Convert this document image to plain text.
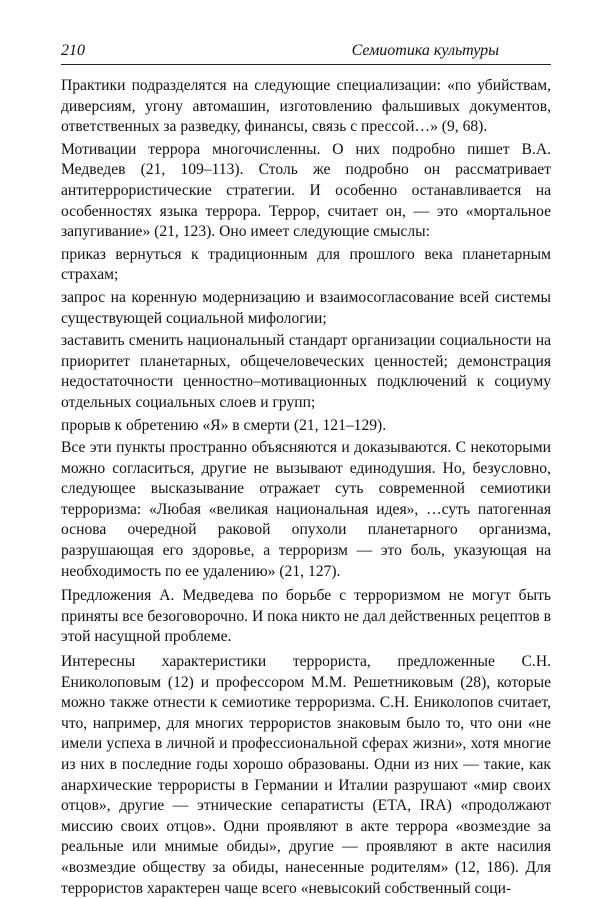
210	Семиотика культуры

Практики подразделятся на следующие специализации: «по убийствам, диверсиям, угону автомашин, изготовлению фальшивых документов, ответственных за разведку, финансы, связь с прессой…» (9, 68).

Мотивации террора многочисленны. О них подробно пишет В.А. Медведев (21, 109–113). Столь же подробно он рассматривает антитеррористические стратегии. И особенно останавливается на особенностях языка террора. Террор, считает он, — это «мортальное запугивание» (21, 123). Оно имеет следующие смыслы:

приказ вернуться к традиционным для прошлого века планетарным страхам;

запрос на коренную модернизацию и взаимосогласование всей системы существующей социальной мифологии;

заставить сменить национальный стандарт организации социальности на приоритет планетарных, общечеловеческих ценностей; демонстрация недостаточности ценностно–мотивационных подключений к социуму отдельных социальных слоев и групп;

прорыв к обретению «Я» в смерти (21, 121–129).

Все эти пункты пространно объясняются и доказываются. С некоторыми можно согласиться, другие не вызывают единодушия. Но, безусловно, следующее высказывание отражает суть современной семиотики терроризма: «Любая «великая национальная идея», …суть патогенная основа очередной раковой опухоли планетарного организма, разрушающая его здоровье, а терроризм — это боль, указующая на необходимость по ее удалению» (21, 127).

Предложения А. Медведева по борьбе с терроризмом не могут быть приняты все безоговорочно. И пока никто не дал действенных рецептов в этой насущной проблеме.

Интересны характеристики террориста, предложенные С.Н. Ениколоповым (12) и профессором М.М. Решетниковым (28), которые можно также отнести к семиотике терроризма. С.Н. Ениколопов считает, что, например, для многих террористов знаковым было то, что они «не имели успеха в личной и профессиональной сферах жизни», хотя многие из них в последние годы хорошо образованы. Одни из них — такие, как анархические террористы в Германии и Италии разрушают «мир своих отцов», другие — этнические сепаратисты (ЕТА, IRA) «продолжают миссию своих отцов». Одни проявляют в акте террора «возмездие за реальные или мнимые обиды», другие — проявляют в акте насилия «возмездие обществу за обиды, нанесенные родителям» (12, 186). Для террористов характерен чаще всего «невысокий собственный соци-
